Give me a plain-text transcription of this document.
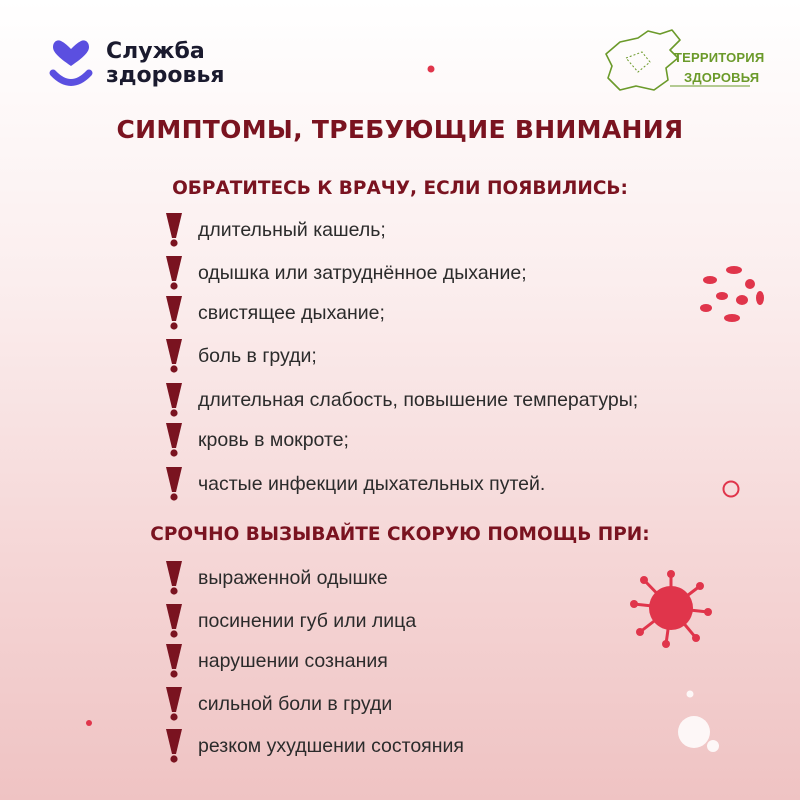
Служба
здоровья
ТЕРРИТОРИЯ
ЗДОРОВЬЯ
СИМПТОМЫ, ТРЕБУЮЩИЕ ВНИМАНИЯ
ОБРАТИТЕСЬ К ВРАЧУ, ЕСЛИ ПОЯВИЛИСЬ:
длительный кашель;
одышка или затруднённое дыхание;
свистящее дыхание;
боль в груди;
длительная слабость, повышение температуры;
кровь в мокроте;
частые инфекции дыхательных путей.
СРОЧНО ВЫЗЫВАЙТЕ СКОРУЮ ПОМОЩЬ ПРИ:
выраженной одышке
посинении губ или лица
нарушении сознания
сильной боли в груди
резком ухудшении состояния
